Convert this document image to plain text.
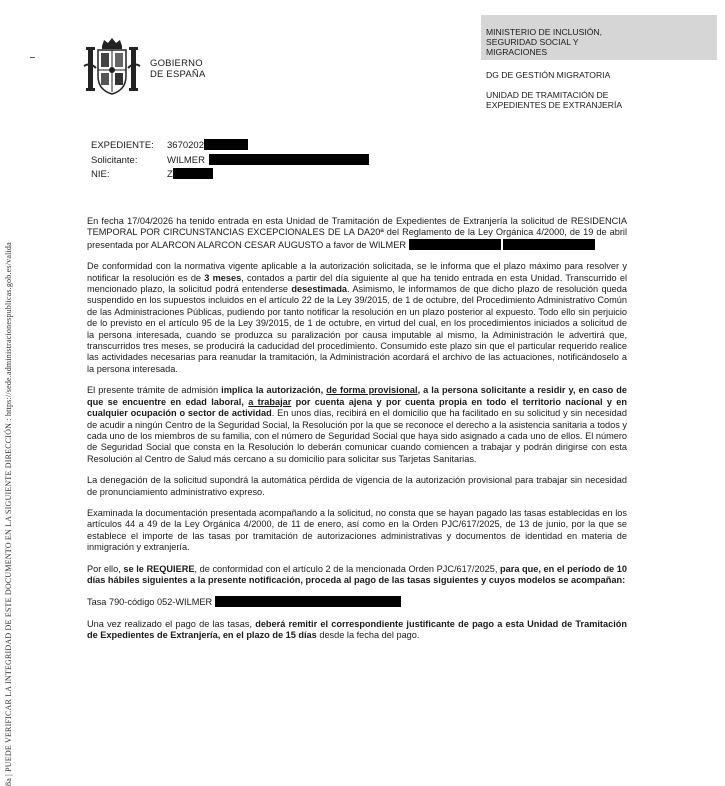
8a | PUEDE VERIFICAR LA INTEGRIDAD DE ESTE DOCUMENTO EN LA SIGUIENTE DIRECCIÓN : https://sede.administracionespublicas.gob.es/valida
GOBIERNO
DE ESPAÑA
MINISTERIO DE INCLUSIÓN,
SEGURIDAD SOCIAL Y
MIGRACIONES
DG DE GESTIÓN MIGRATORIA
UNIDAD DE TRAMITACIÓN DE
EXPEDIENTES DE EXTRANJERÍA
EXPEDIENTE:	3670202
Solicitante:	WILMER
NIE:	Z

En fecha 17/04/2026 ha tenido entrada en esta Unidad de Tramitación de Expedientes de Extranjería la solicitud de RESIDENCIA TEMPORAL POR CIRCUNSTANCIAS EXCEPCIONALES DE LA DA20ª del Reglamento de la Ley Orgánica 4/2000, de 19 de abril presentada por ALARCON ALARCON CESAR AUGUSTO a favor de WILMER

De conformidad con la normativa vigente aplicable a la autorización solicitada, se le informa que el plazo máximo para resolver y notificar la resolución es de 3 meses, contados a partir del día siguiente al que ha tenido entrada en esta Unidad. Transcurrido el mencionado plazo, la solicitud podrá entenderse desestimada. Asimismo, le informamos de que dicho plazo de resolución queda suspendido en los supuestos incluidos en el artículo 22 de la Ley 39/2015, de 1 de octubre, del Procedimiento Administrativo Común de las Administraciones Públicas, pudiendo por tanto notificar la resolución en un plazo posterior al expuesto. Todo ello sin perjuicio de lo previsto en el artículo 95 de la Ley 39/2015, de 1 de octubre, en virtud del cual, en los procedimientos iniciados a solicitud de la persona interesada, cuando se produzca su paralización por causa imputable al mismo, la Administración le advertirá que, transcurridos tres meses, se producirá la caducidad del procedimiento. Consumido este plazo sin que el particular requerido realice las actividades necesarias para reanudar la tramitación, la Administración acordará el archivo de las actuaciones, notificándoselo a la persona interesada.

El presente trámite de admisión implica la autorización, de forma provisional, a la persona solicitante a residir y, en caso de que se encuentre en edad laboral, a trabajar por cuenta ajena y por cuenta propia en todo el territorio nacional y en cualquier ocupación o sector de actividad. En unos días, recibirá en el domicilio que ha facilitado en su solicitud y sin necesidad de acudir a ningún Centro de la Seguridad Social, la Resolución por la que se reconoce el derecho a la asistencia sanitaria a todos y cada uno de los miembros de su familia, con el número de Seguridad Social que haya sido asignado a cada uno de ellos. El número de Seguridad Social que consta en la Resolución lo deberán comunicar cuando comiencen a trabajar y podrán dirigirse con esta Resolución al Centro de Salud más cercano a su domicilio para solicitar sus Tarjetas Sanitarias.

La denegación de la solicitud supondrá la automática pérdida de vigencia de la autorización provisional para trabajar sin necesidad de pronunciamiento administrativo expreso.

Examinada la documentación presentada acompañando a la solicitud, no consta que se hayan pagado las tasas establecidas en los artículos 44 a 49 de la Ley Orgánica 4/2000, de 11 de enero, así como en la Orden PJC/617/2025, de 13 de junio, por la que se establece el importe de las tasas por tramitación de autorizaciones administrativas y documentos de identidad en materia de inmigración y extranjería.

Por ello, se le REQUIERE, de conformidad con el artículo 2 de la mencionada Orden PJC/617/2025, para que, en el período de 10 días hábiles siguientes a la presente notificación, proceda al pago de las tasas siguientes y cuyos modelos se acompañan:

Tasa 790-código 052-WILMER

Una vez realizado el pago de las tasas, deberá remitir el correspondiente justificante de pago a esta Unidad de Tramitación de Expedientes de Extranjería, en el plazo de 15 días desde la fecha del pago.
